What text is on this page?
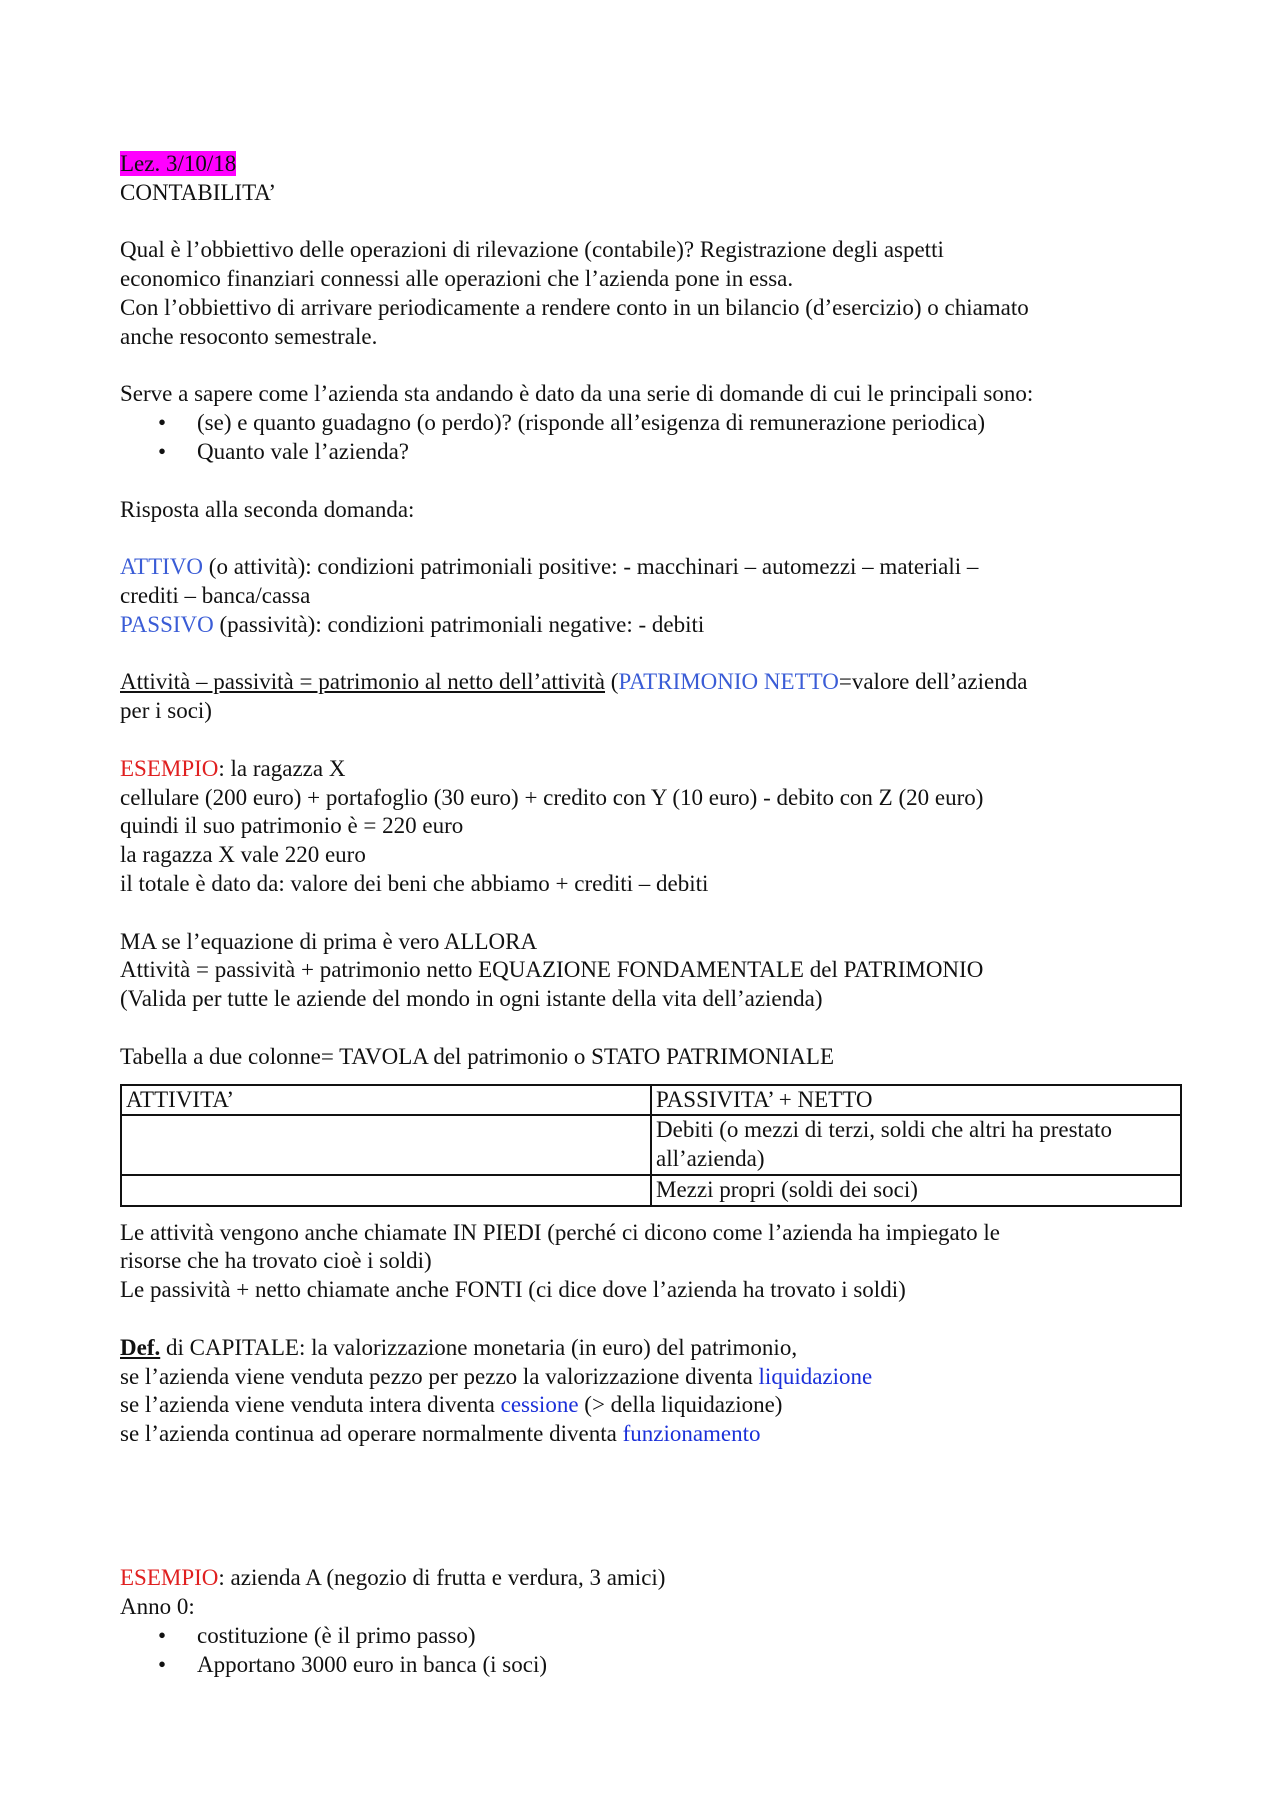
Lez. 3/10/18
CONTABILITA’
Qual è l’obbiettivo delle operazioni di rilevazione (contabile)? Registrazione degli aspetti
economico finanziari connessi alle operazioni che l’azienda pone in essa.
Con l’obbiettivo di arrivare periodicamente a rendere conto in un bilancio (d’esercizio) o chiamato
anche resoconto semestrale.
Serve a sapere come l’azienda sta andando è dato da una serie di domande di cui le principali sono:
• (se) e quanto guadagno (o perdo)? (risponde all’esigenza di remunerazione periodica)
• Quanto vale l’azienda?
Risposta alla seconda domanda:
ATTIVO (o attività): condizioni patrimoniali positive: - macchinari – automezzi – materiali –
crediti – banca/cassa
PASSIVO (passività): condizioni patrimoniali negative: - debiti
Attività – passività = patrimonio al netto dell’attività (PATRIMONIO NETTO=valore dell’azienda
per i soci)
ESEMPIO: la ragazza X
cellulare (200 euro) + portafoglio (30 euro) + credito con Y (10 euro) - debito con Z (20 euro)
quindi il suo patrimonio è = 220 euro
la ragazza X vale 220 euro
il totale è dato da: valore dei beni che abbiamo + crediti – debiti
MA se l’equazione di prima è vero ALLORA
Attività = passività + patrimonio netto EQUAZIONE FONDAMENTALE del PATRIMONIO
(Valida per tutte le aziende del mondo in ogni istante della vita dell’azienda)
Tabella a due colonne= TAVOLA del patrimonio o STATO PATRIMONIALE
ATTIVITA’	PASSIVITA’ + NETTO
	Debiti (o mezzi di terzi, soldi che altri ha prestato all’azienda)
	Mezzi propri (soldi dei soci)
Le attività vengono anche chiamate IN PIEDI (perché ci dicono come l’azienda ha impiegato le
risorse che ha trovato cioè i soldi)
Le passività + netto chiamate anche FONTI (ci dice dove l’azienda ha trovato i soldi)
Def. di CAPITALE: la valorizzazione monetaria (in euro) del patrimonio,
se l’azienda viene venduta pezzo per pezzo la valorizzazione diventa liquidazione
se l’azienda viene venduta intera diventa cessione (> della liquidazione)
se l’azienda continua ad operare normalmente diventa funzionamento
ESEMPIO: azienda A (negozio di frutta e verdura, 3 amici)
Anno 0:
• costituzione (è il primo passo)
• Apportano 3000 euro in banca (i soci)
